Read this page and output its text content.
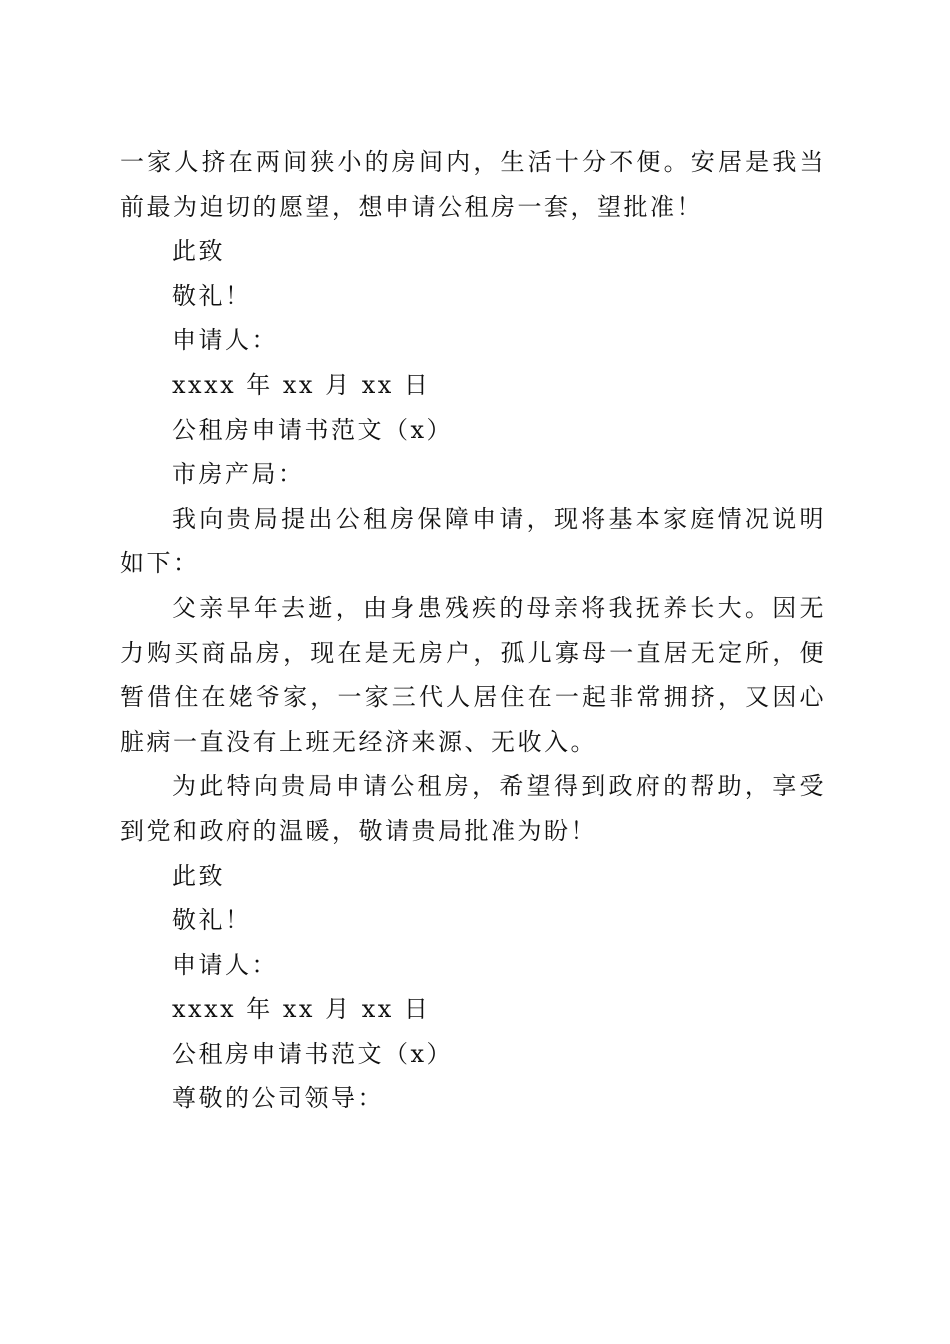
一家人挤在两间狭小的房间内，生活十分不便。安居是我当前最为迫切的愿望，想申请公租房一套，望批准！

此致

敬礼！

申请人：

xxxx 年 xx 月 xx 日

公租房申请书范文（x）

市房产局：

我向贵局提出公租房保障申请，现将基本家庭情况说明如下：

父亲早年去逝，由身患残疾的母亲将我抚养长大。因无力购买商品房，现在是无房户，孤儿寡母一直居无定所，便暂借住在姥爷家，一家三代人居住在一起非常拥挤，又因心脏病一直没有上班无经济来源、无收入。

为此特向贵局申请公租房，希望得到政府的帮助，享受到党和政府的温暖，敬请贵局批准为盼！

此致

敬礼！

申请人：

xxxx 年 xx 月 xx 日

公租房申请书范文（x）

尊敬的公司领导：
